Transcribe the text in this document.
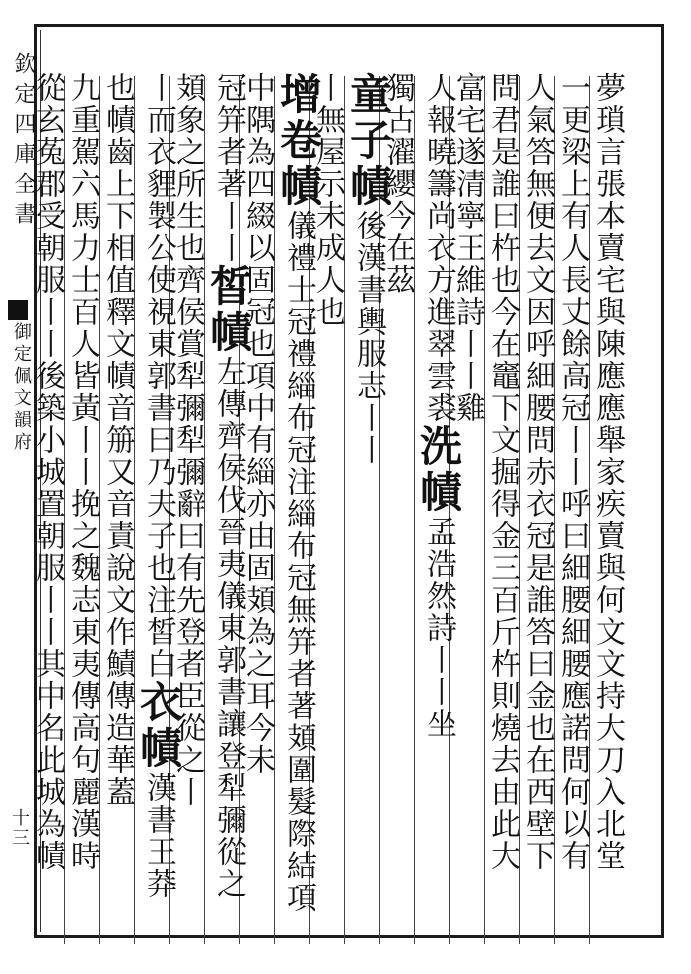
欽定四庫全書
御定佩文韻府
十三	夢瑣言張本賣宅與陳應應舉家疾賣與何文文持大刀入北堂
一更梁上有人長丈餘高冠丨丨呼曰細腰細腰應諾問何以有
人氣答無便去文因呼細腰問赤衣冠是誰答曰金也在西壁下
問君是誰曰杵也今在竈下文掘得金三百斤杵則燒去由此大
富宅遂清寧王維詩丨丨雞
人報曉籌尚衣方進翠雲裘洗幘孟浩然詩丨丨坐
獨古濯纓今在茲
童子幘後漢書輿服志丨丨
丨無屋示未成人也
增卷幘儀禮士冠禮緇布冠注緇布冠無笄者著頍圍髮際結項
中隅為四綴以固冠也項中有緇亦由固頍為之耳今未
冠笄者著丨丨皙幘左傳齊侯伐晉夷儀東郭書讓登犁彌從之
頍象之所生也齊侯賞犁彌犁彌辭曰有先登者臣從之丨
丨而衣貍製公使視東郭書曰乃夫子也注皙白衣幘漢書王莽
也幘齒上下相值釋文幘音笧又音責說文作鰿傳造華蓋
九重駕六馬力士百人皆黃丨丨挽之魏志東夷傳高句麗漢時
從玄菟郡受朝服丨丨後築小城置朝服丨丨其中名此城為幘
